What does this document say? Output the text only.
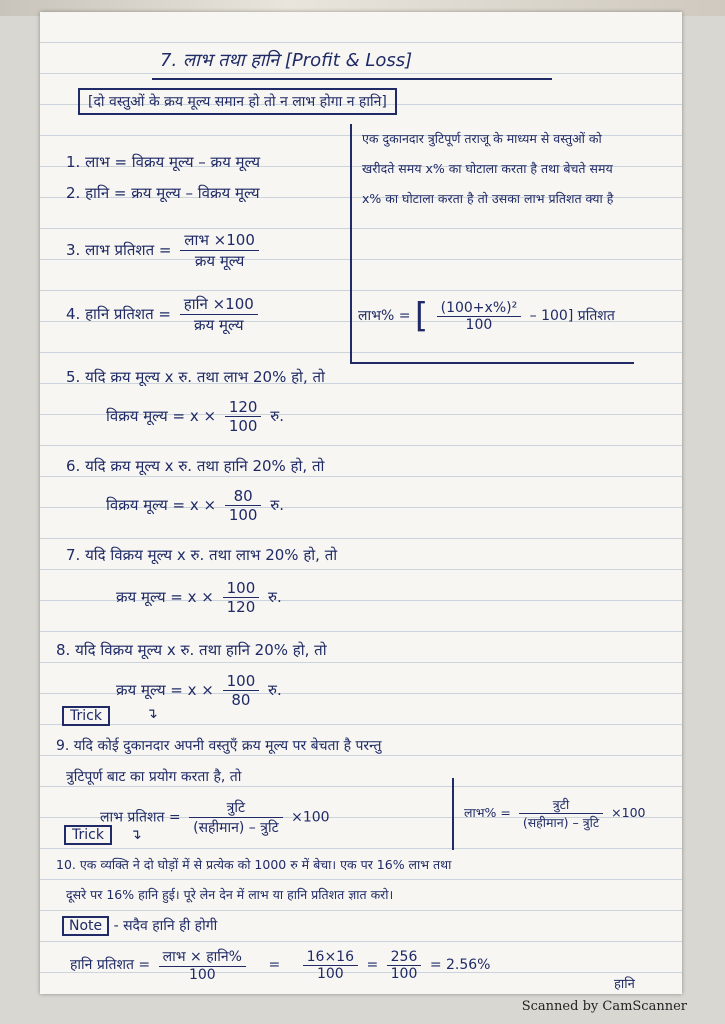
7. लाभ तथा हानि [Profit & Loss]
[दो वस्तुओं के क्रय मूल्य समान हो तो न लाभ होगा न हानि]
1. लाभ = विक्रय मूल्य – क्रय मूल्य
2. हानि = क्रय मूल्य – विक्रय मूल्य
3. लाभ प्रतिशत = $\frac{\text{लाभ ×100}}{\text{क्रय मूल्य}}$
4. हानि प्रतिशत = $\frac{\text{हानि ×100}}{\text{क्रय मूल्य}}$
एक दुकानदार त्रुटिपूर्ण तराजू के माध्यम से वस्तुओं को खरीदते समय x% का घोटाला करता है तथा बेचते समय x% का घोटाला करता है तो उसका लाभ प्रतिशत क्या है
लाभ% = [ $\frac{\text{(100+x\%)²}}{100} - 100$] प्रतिशत
5. यदि क्रय मूल्य x रु. तथा लाभ 20% हो, तो
विक्रय मूल्य = $x \times \frac{120}{100}$ रु.
6. यदि क्रय मूल्य x रु. तथा हानि 20% हो, तो
विक्रय मूल्य = $x \times \frac{80}{100}$ रु.
7. यदि विक्रय मूल्य x रु. तथा लाभ 20% हो, तो
क्रय मूल्य = $x \times \frac{100}{120}$ रु.
8. यदि विक्रय मूल्य x रु. तथा हानि 20% हो, तो
क्रय मूल्य = $x \times \frac{100}{80}$ रु.
Trick	↴
9. यदि कोई दुकानदार अपनी वस्तुएँ क्रय मूल्य पर बेचता है परन्तु
त्रुटिपूर्ण बाट का प्रयोग करता है, तो
लाभ प्रतिशत = $\frac{\text{त्रुटि}}{\text{(सहीमान) – त्रुटि}} \times 100$	लाभ% = $\frac{\text{त्रुटी}}{\text{(सहीमान) – त्रुटि}} \times 100$
Trick	↴
10. एक व्यक्ति ने दो घोड़ों में से प्रत्येक को 1000 रु में बेचा। एक पर 16% लाभ तथा
दूसरे पर 16% हानि हुई। पूरे लेन देन में लाभ या हानि प्रतिशत ज्ञात करो।
Note - सदैव हानि ही होगी
हानि प्रतिशत = $\frac{\text{लाभ × हानि\%}}{100} = \frac{16\times 16}{100} = \frac{256}{100} = 2.56\%$
हानि
Scanned by CamScanner
